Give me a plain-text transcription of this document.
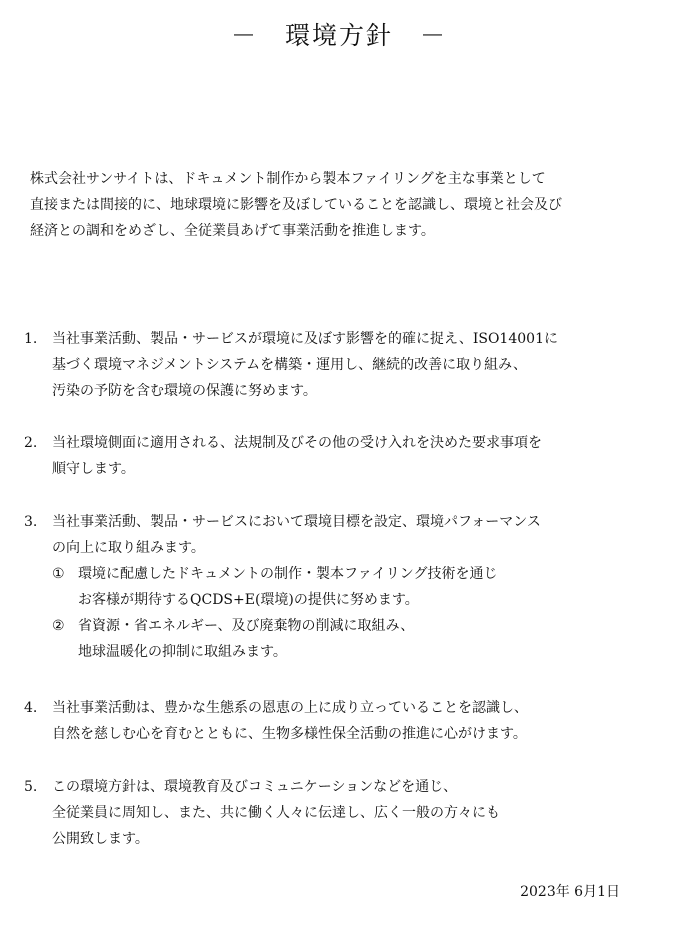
－　環境方針　－
株式会社サンサイトは、ドキュメント制作から製本ファイリングを主な事業として
直接または間接的に、地球環境に影響を及ぼしていることを認識し、環境と社会及び
経済との調和をめざし、全従業員あげて事業活動を推進します。
1.	当社事業活動、製品・サービスが環境に及ぼす影響を的確に捉え、ISO14001に
基づく環境マネジメントシステムを構築・運用し、継続的改善に取り組み、
汚染の予防を含む環境の保護に努めます。
2.	当社環境側面に適用される、法規制及びその他の受け入れを決めた要求事項を
順守します。
3.	当社事業活動、製品・サービスにおいて環境目標を設定、環境パフォーマンス
の向上に取り組みます。
① 環境に配慮したドキュメントの制作・製本ファイリング技術を通じ
お客様が期待するQCDS+E(環境)の提供に努めます。
② 省資源・省エネルギー、及び廃棄物の削減に取組み、
地球温暖化の抑制に取組みます。
4.	当社事業活動は、豊かな生態系の恩恵の上に成り立っていることを認識し、
自然を慈しむ心を育むとともに、生物多様性保全活動の推進に心がけます。
5.	この環境方針は、環境教育及びコミュニケーションなどを通じ、
全従業員に周知し、また、共に働く人々に伝達し、広く一般の方々にも
公開致します。
2023年 6月1日
